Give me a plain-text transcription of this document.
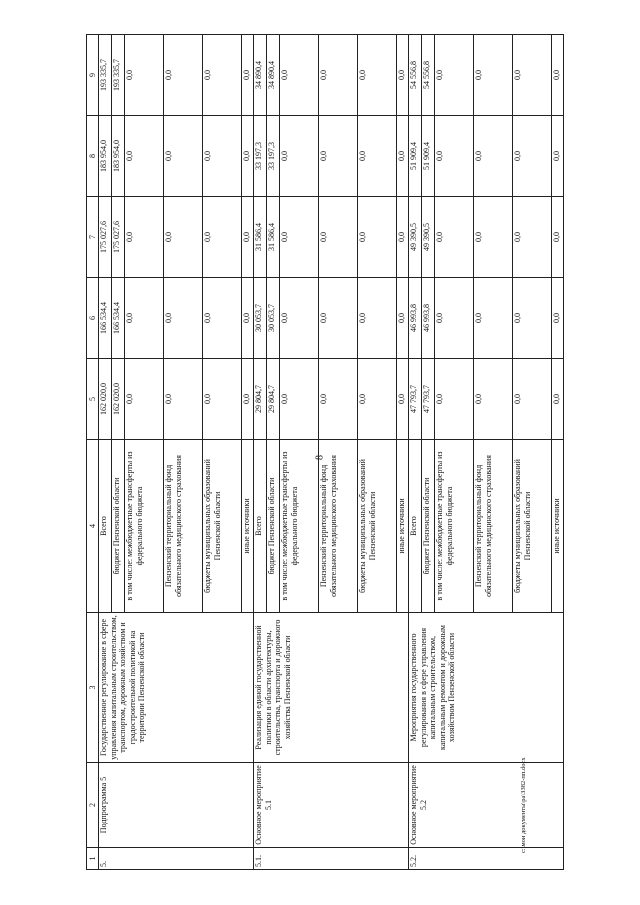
8
1	2	3	4	5	6	7	8	9
5.	Подпрограмма 5	Государственное регулирование в сфере управления капитальным строительством, транспортом, дорожным хозяйством и градостроительной политикой на территории Пензенской области	Всего	162 020,0	166 534,4	175 027,6	183 954,0	193 335,7
			бюджет Пензенской области	162 020,0	166 534,4	175 027,6	183 954,0	193 335,7
			в том числе: межбюджетные трансферты из федерального бюджета	0,0	0,0	0,0	0,0	0,0
			Пензенский территориальный фонд обязательного медицинского страхования	0,0	0,0	0,0	0,0	0,0
			бюджеты муниципальных образований Пензенской области	0,0	0,0	0,0	0,0	0,0
			иные источники	0,0	0,0	0,0	0,0	0,0
5.1.	Основное мероприятие 5.1	Реализация единой государственной политики в области архитектуры, строительства, транспорта и дорожного хозяйства Пензенской области	Всего	29 804,7	30 053,7	31 586,4	33 197,3	34 890,4
			бюджет Пензенской области	29 804,7	30 053,7	31 586,4	33 197,3	34 890,4
			в том числе: межбюджетные трансферты из федерального бюджета	0,0	0,0	0,0	0,0	0,0
			Пензенский территориальный фонд обязательного медицинского страхования	0,0	0,0	0,0	0,0	0,0
			бюджеты муниципальных образований Пензенской области	0,0	0,0	0,0	0,0	0,0
			иные источники	0,0	0,0	0,0	0,0	0,0
5.2.	Основное мероприятие 5.2	Мероприятия государственного регулирования в сфере управления капитальным строительством, капитальным ремонтом и дорожным хозяйством Пензенской области	Всего	47 793,7	46 993,8	49 390,5	51 909,4	54 556,8
			бюджет Пензенской области	47 793,7	46 993,8	49 390,5	51 909,4	54 556,8
			в том числе: межбюджетные трансферты из федерального бюджета	0,0	0,0	0,0	0,0	0,0
			Пензенский территориальный фонд обязательного медицинского страхования	0,0	0,0	0,0	0,0	0,0
			бюджеты муниципальных образований Пензенской области	0,0	0,0	0,0	0,0	0,0
			иные источники	0,0	0,0	0,0	0,0	0,0
c:\мои документы\ра\ЗЗ82-пп.docx
